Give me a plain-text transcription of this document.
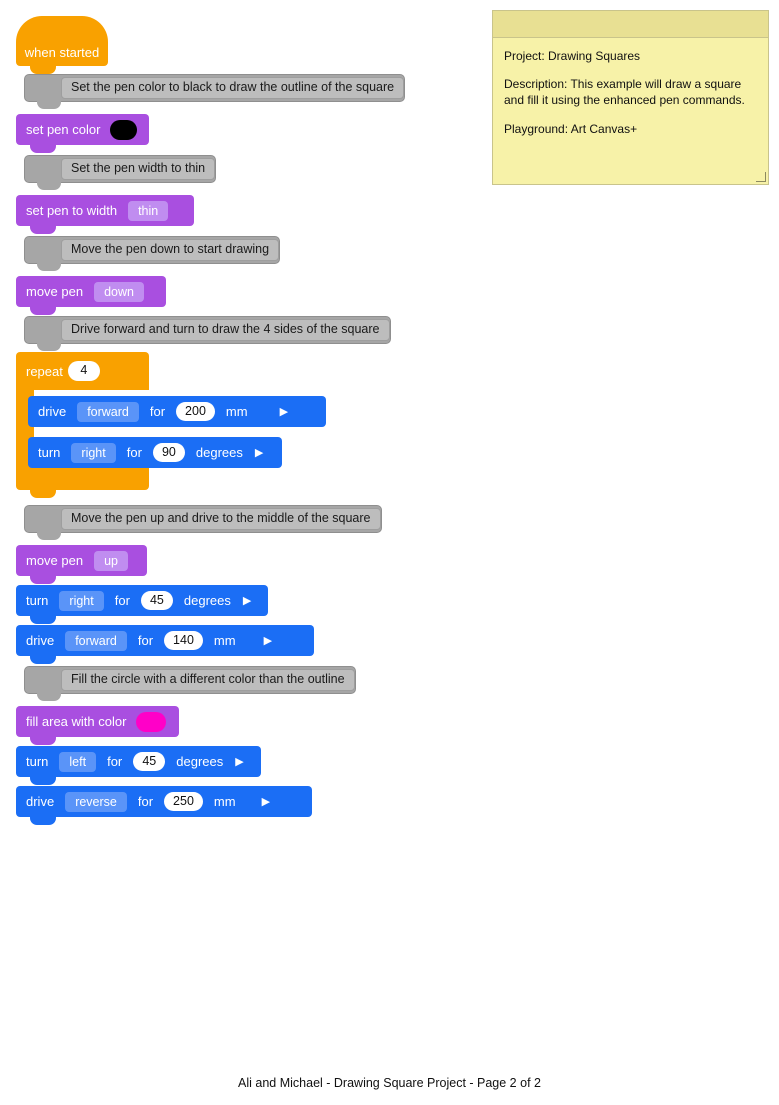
when started
Set the pen color to black to draw the outline of the square
set pen color
Set the pen width to thin
set pen to width	thin
Move the pen down to start drawing
move pen	down
Drive forward and turn to draw the 4 sides of the square
repeat	4
drive	forward	for	200	mm	▶
turn	right	for	90	degrees	▶
Move the pen up and drive to the middle of the square
move pen	up
turn	right	for	45	degrees	▶
drive	forward	for	140	mm	▶
Fill the circle with a different color than the outline
fill area with color
turn	left	for	45	degrees	▶
drive	reverse	for	250	mm	▶

Project: Drawing Squares

Description: This example will draw a square and fill it using the enhanced pen commands.

Playground: Art Canvas+

Ali and Michael - Drawing Square Project - Page 2 of 2
